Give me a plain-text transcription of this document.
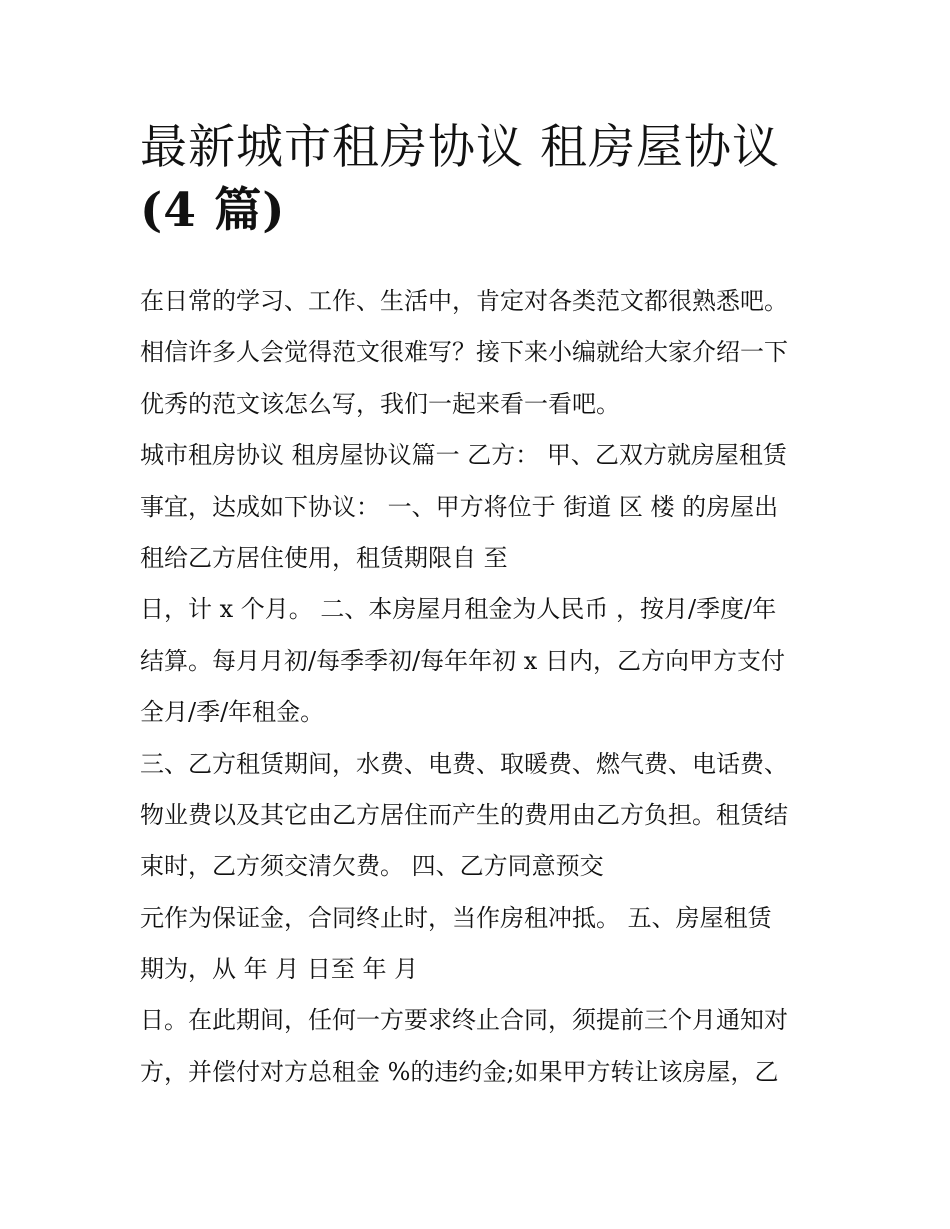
最新城市租房协议 租房屋协议
(4 篇)
在日常的学习、工作、生活中，肯定对各类范文都很熟悉吧。
相信许多人会觉得范文很难写？接下来小编就给大家介绍一下
优秀的范文该怎么写，我们一起来看一看吧。
城市租房协议 租房屋协议篇一 乙方： 甲、乙双方就房屋租赁
事宜，达成如下协议： 一、甲方将位于 街道 区 楼 的房屋出
租给乙方居住使用，租赁期限自 至
日，计 x 个月。 二、本房屋月租金为人民币 ，按月/季度/年
结算。每月月初/每季季初/每年年初 x 日内，乙方向甲方支付
全月/季/年租金。
三、乙方租赁期间，水费、电费、取暖费、燃气费、电话费、
物业费以及其它由乙方居住而产生的费用由乙方负担。租赁结
束时，乙方须交清欠费。 四、乙方同意预交
元作为保证金，合同终止时，当作房租冲抵。 五、房屋租赁
期为，从 年 月 日至 年 月
日。在此期间，任何一方要求终止合同，须提前三个月通知对
方，并偿付对方总租金 %的违约金;如果甲方转让该房屋，乙
